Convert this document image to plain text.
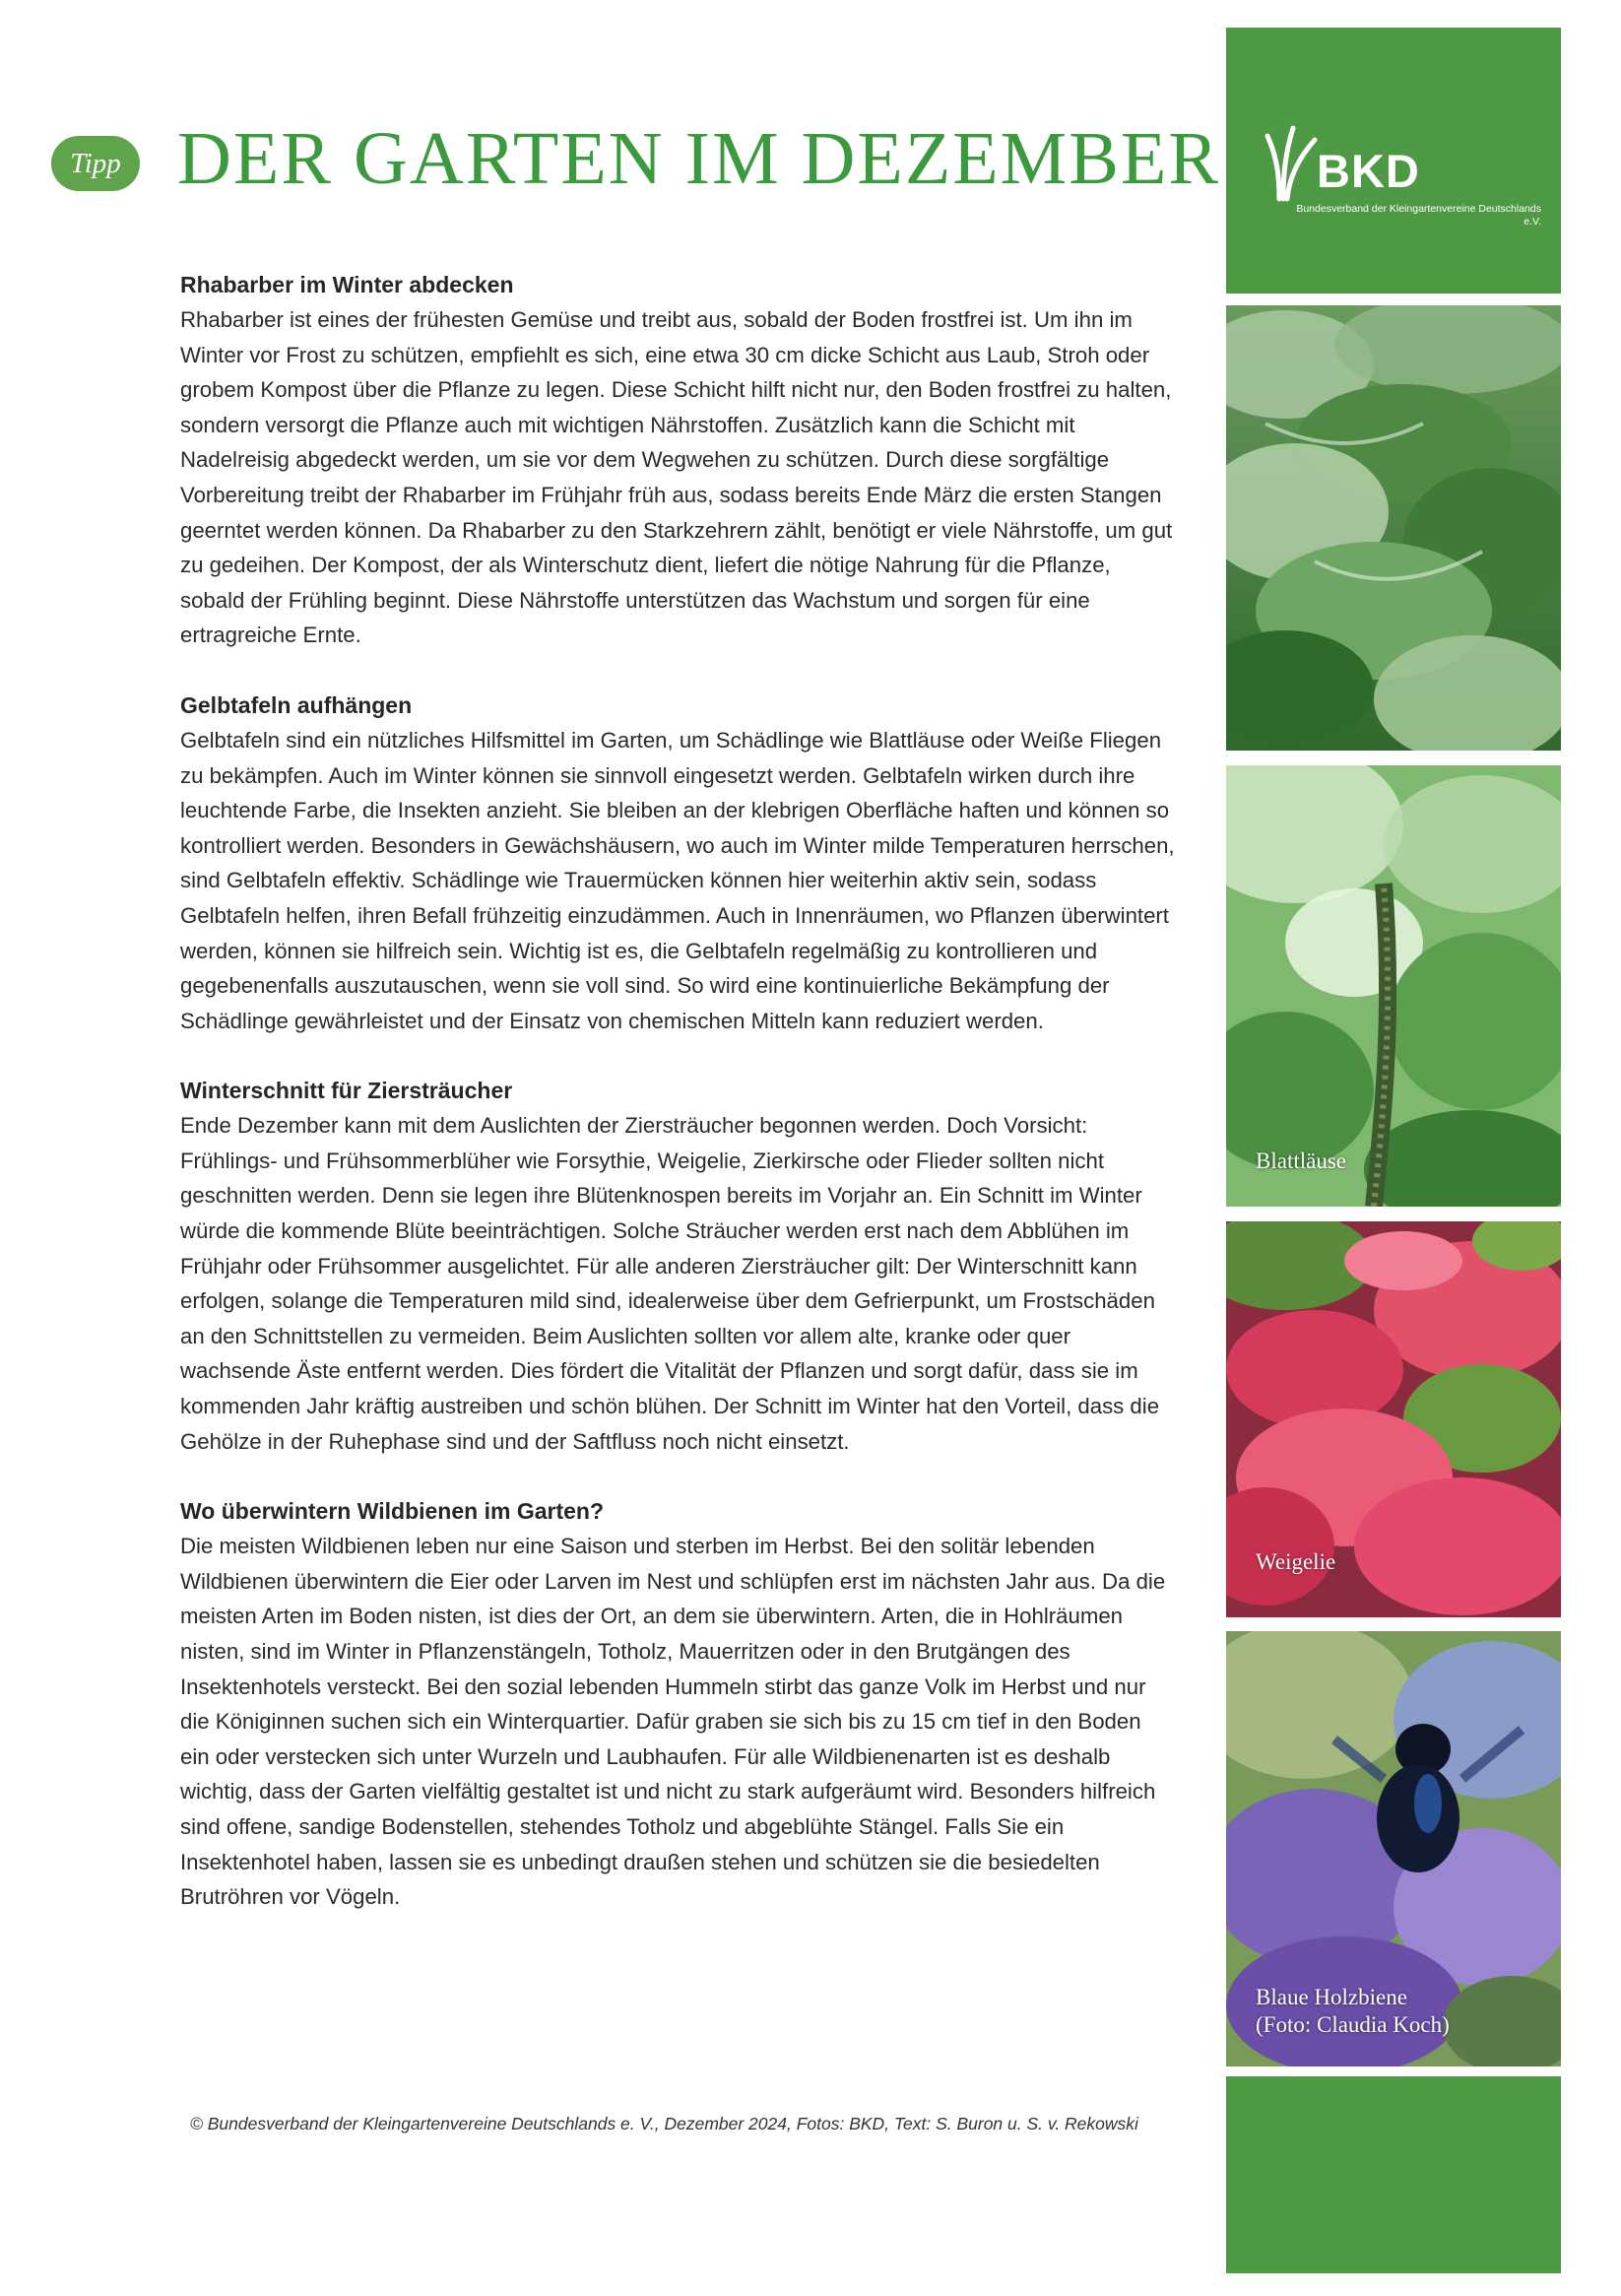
Tipp DER GARTEN IM DEZEMBER
Rhabarber im Winter abdecken

Rhabarber ist eines der frühesten Gemüse und treibt aus, sobald der Boden frostfrei ist. Um ihn im Winter vor Frost zu schützen, empfiehlt es sich, eine etwa 30 cm dicke Schicht aus Laub, Stroh oder grobem Kompost über die Pflanze zu legen. Diese Schicht hilft nicht nur, den Boden frostfrei zu halten, sondern versorgt die Pflanze auch mit wichtigen Nährstoffen. Zusätzlich kann die Schicht mit Nadelreisig abgedeckt werden, um sie vor dem Wegwehen zu schützen. Durch diese sorgfältige Vorbereitung treibt der Rhabarber im Frühjahr früh aus, sodass bereits Ende März die ersten Stangen geerntet werden können. Da Rhabarber zu den Starkzehrern zählt, benötigt er viele Nährstoffe, um gut zu gedeihen. Der Kompost, der als Winterschutz dient, liefert die nötige Nahrung für die Pflanze, sobald der Frühling beginnt. Diese Nährstoffe unterstützen das Wachstum und sorgen für eine ertragreiche Ernte.

Gelbtafeln aufhängen

Gelbtafeln sind ein nützliches Hilfsmittel im Garten, um Schädlinge wie Blattläuse oder Weiße Fliegen zu bekämpfen. Auch im Winter können sie sinnvoll eingesetzt werden. Gelbtafeln wirken durch ihre leuchtende Farbe, die Insekten anzieht. Sie bleiben an der klebrigen Oberfläche haften und können so kontrolliert werden. Besonders in Gewächshäusern, wo auch im Winter milde Temperaturen herrschen, sind Gelbtafeln effektiv. Schädlinge wie Trauermücken können hier weiterhin aktiv sein, sodass Gelbtafeln helfen, ihren Befall frühzeitig einzudämmen. Auch in Innenräumen, wo Pflanzen überwintert werden, können sie hilfreich sein. Wichtig ist es, die Gelbtafeln regelmäßig zu kontrollieren und gegebenenfalls auszutauschen, wenn sie voll sind. So wird eine kontinuierliche Bekämpfung der Schädlinge gewährleistet und der Einsatz von chemischen Mitteln kann reduziert werden.

Winterschnitt für Ziersträucher

Ende Dezember kann mit dem Auslichten der Ziersträucher begonnen werden. Doch Vorsicht: Frühlings- und Frühsommerblüher wie Forsythie, Weigelie, Zierkirsche oder Flieder sollten nicht geschnitten werden. Denn sie legen ihre Blütenknospen bereits im Vorjahr an. Ein Schnitt im Winter würde die kommende Blüte beeinträchtigen. Solche Sträucher werden erst nach dem Abblühen im Frühjahr oder Frühsommer ausgelichtet. Für alle anderen Ziersträucher gilt: Der Winterschnitt kann erfolgen, solange die Temperaturen mild sind, idealerweise über dem Gefrierpunkt, um Frostschäden an den Schnittstellen zu vermeiden. Beim Auslichten sollten vor allem alte, kranke oder quer wachsende Äste entfernt werden. Dies fördert die Vitalität der Pflanzen und sorgt dafür, dass sie im kommenden Jahr kräftig austreiben und schön blühen. Der Schnitt im Winter hat den Vorteil, dass die Gehölze in der Ruhephase sind und der Saftfluss noch nicht einsetzt.

Wo überwintern Wildbienen im Garten?

Die meisten Wildbienen leben nur eine Saison und sterben im Herbst. Bei den solitär lebenden Wildbienen überwintern die Eier oder Larven im Nest und schlüpfen erst im nächsten Jahr aus. Da die meisten Arten im Boden nisten, ist dies der Ort, an dem sie überwintern. Arten, die in Hohlräumen nisten, sind im Winter in Pflanzenstängeln, Totholz, Mauerritzen oder in den Brutgängen des Insektenhotels versteckt. Bei den sozial lebenden Hummeln stirbt das ganze Volk im Herbst und nur die Königinnen suchen sich ein Winterquartier. Dafür graben sie sich bis zu 15 cm tief in den Boden ein oder verstecken sich unter Wurzeln und Laubhaufen. Für alle Wildbienenarten ist es deshalb wichtig, dass der Garten vielfältig gestaltet ist und nicht zu stark aufgeräumt wird. Besonders hilfreich sind offene, sandige Bodenstellen, stehendes Totholz und abgeblühte Stängel. Falls Sie ein Insektenhotel haben, lassen sie es unbedingt draußen stehen und schützen sie die besiedelten Brutröhren vor Vögeln.

© Bundesverband der Kleingartenvereine Deutschlands e. V., Dezember 2024, Fotos: BKD, Text: S. Buron u. S. v. Rekowski
BKD
Bundesverband der Kleingartenvereine Deutschlands e.V.
Blattläuse
Weigelie
Blaue Holzbiene
(Foto: Claudia Koch)
